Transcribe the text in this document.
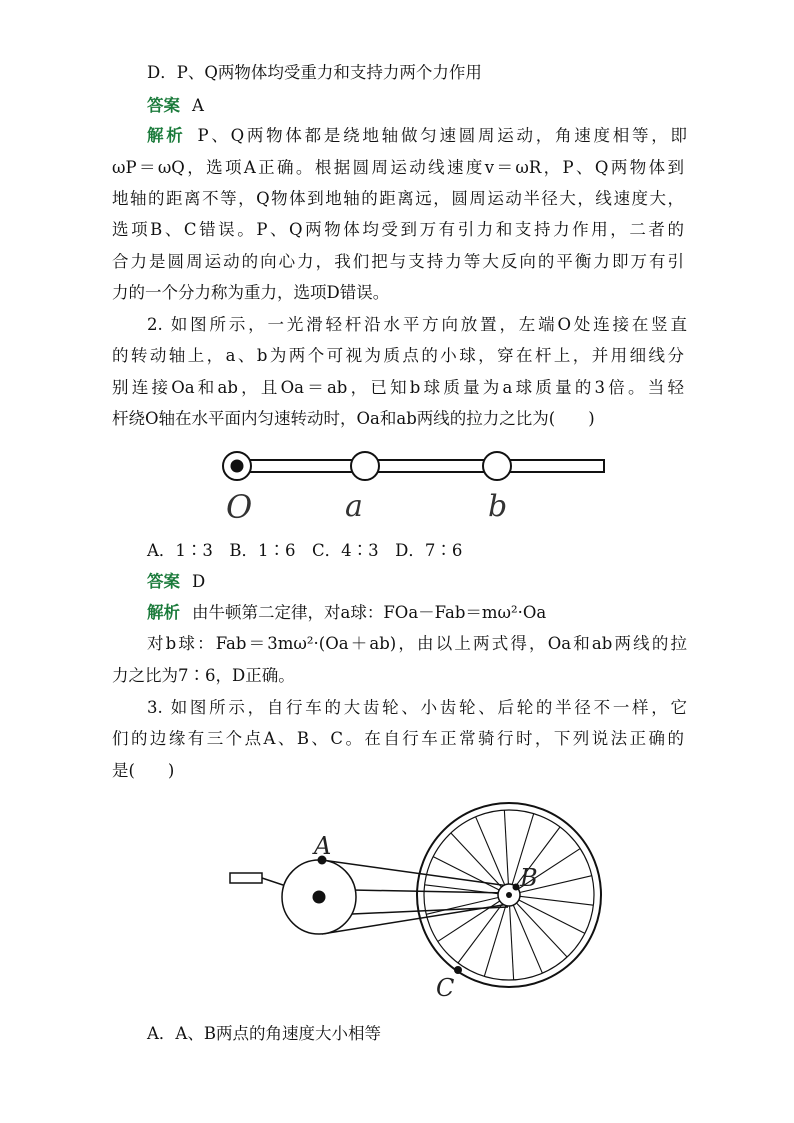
D．P、Q两物体均受重力和支持力两个力作用
答案 A
解析 P、Q两物体都是绕地轴做匀速圆周运动，角速度相等，即
ωP＝ωQ，选项A正确。根据圆周运动线速度v＝ωR，P、Q两物体到
地轴的距离不等，Q物体到地轴的距离远，圆周运动半径大，线速度大，
选项B、C错误。P、Q两物体均受到万有引力和支持力作用，二者的
合力是圆周运动的向心力，我们把与支持力等大反向的平衡力即万有引
力的一个分力称为重力，选项D错误。
2. 如图所示，一光滑轻杆沿水平方向放置，左端O处连接在竖直
的转动轴上，a、b为两个可视为质点的小球，穿在杆上，并用细线分
别连接Oa和ab，且Oa＝ab，已知b球质量为a球质量的3倍。当轻
杆绕O轴在水平面内匀速转动时，Oa和ab两线的拉力之比为(　　)
O	a	b
A．1∶3　B．1∶6　C．4∶3　D．7∶6
答案 D
解析 由牛顿第二定律，对a球：FOa－Fab＝mω²·Oa
对b球：Fab＝3mω²·(Oa＋ab)，由以上两式得，Oa和ab两线的拉
力之比为7∶6，D正确。
3. 如图所示，自行车的大齿轮、小齿轮、后轮的半径不一样，它
们的边缘有三个点A、B、C。在自行车正常骑行时，下列说法正确的
是(　　)
A
B
C
A．A、B两点的角速度大小相等
